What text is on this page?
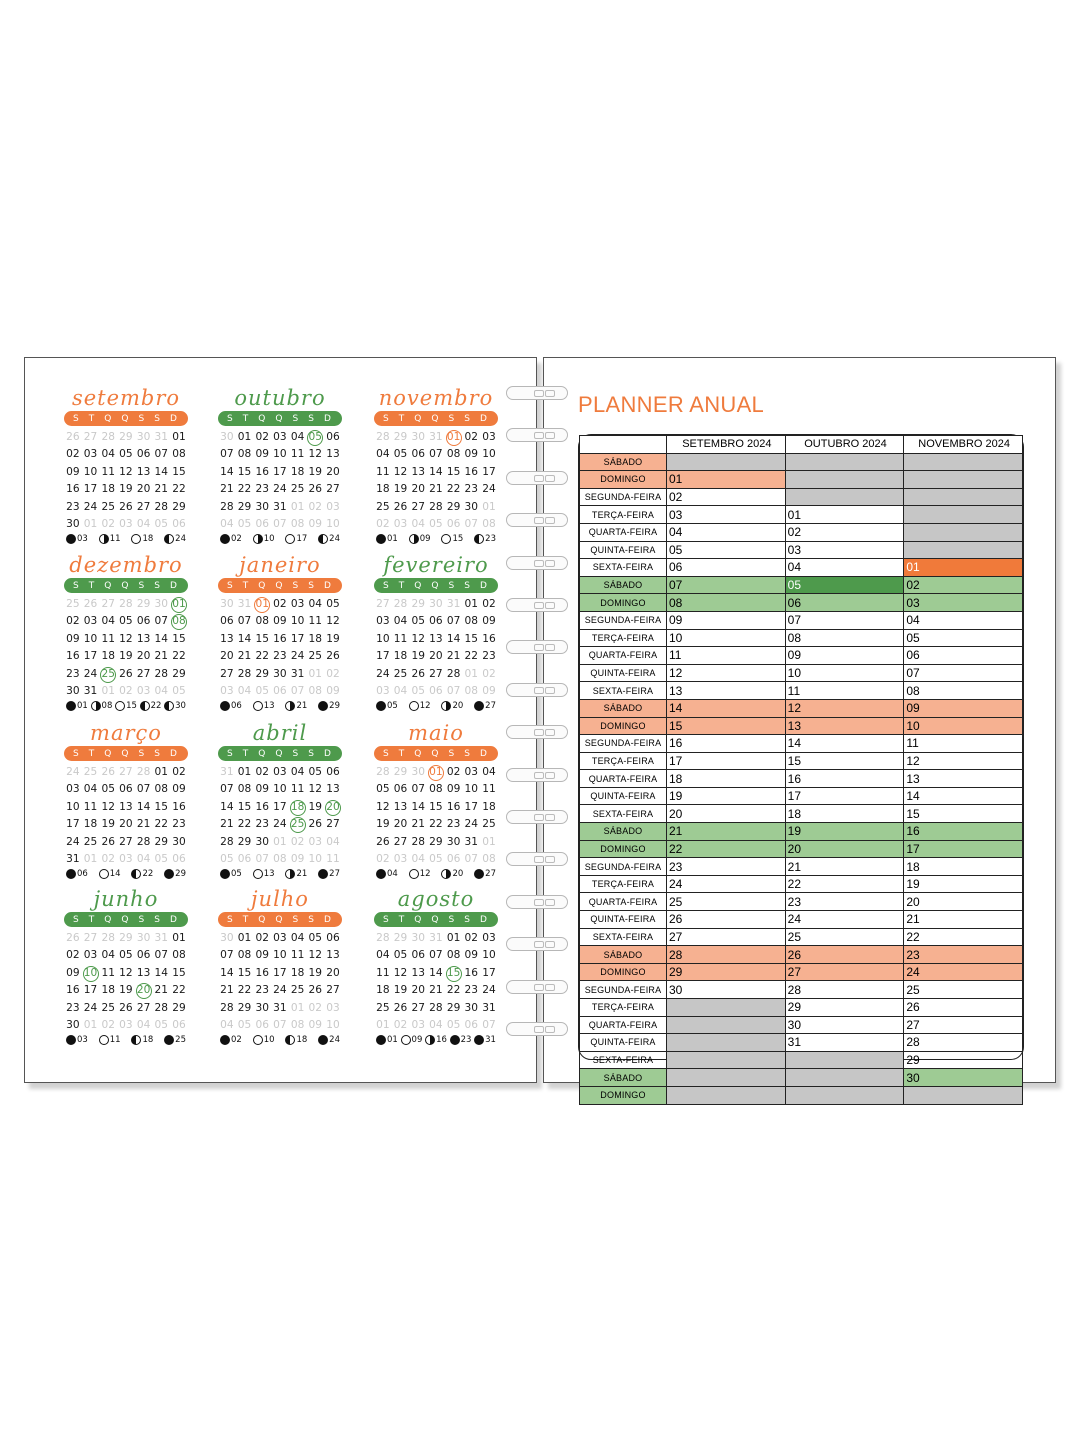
setembro
S T Q Q S S D
26 27 28 29 30 31 01
02 03 04 05 06 07 08
09 10 11 12 13 14 15
16 17 18 19 20 21 22
23 24 25 26 27 28 29
30 01 02 03 04 05 06
03	11	18	24
outubro
S T Q Q S S D
30 01 02 03 04 05 06
07 08 09 10 11 12 13
14 15 16 17 18 19 20
21 22 23 24 25 26 27
28 29 30 31 01 02 03
04 05 06 07 08 09 10
02	10	17	24
novembro
S T Q Q S S D
28 29 30 31 01 02 03
04 05 06 07 08 09 10
11 12 13 14 15 16 17
18 19 20 21 22 23 24
25 26 27 28 29 30 01
02 03 04 05 06 07 08
01	09	15	23
dezembro
S T Q Q S S D
25 26 27 28 29 30 01
02 03 04 05 06 07 08
09 10 11 12 13 14 15
16 17 18 19 20 21 22
23 24 25 26 27 28 29
30 31 01 02 03 04 05
01 08 15 22 30
janeiro
S T Q Q S S D
30 31 01 02 03 04 05
06 07 08 09 10 11 12
13 14 15 16 17 18 19
20 21 22 23 24 25 26
27 28 29 30 31 01 02
03 04 05 06 07 08 09
06	13	21	29
fevereiro
S T Q Q S S D
27 28 29 30 31 01 02
03 04 05 06 07 08 09
10 11 12 13 14 15 16
17 18 19 20 21 22 23
24 25 26 27 28 01 02
03 04 05 06 07 08 09
05	12	20	27
março
S T Q Q S S D
24 25 26 27 28 01 02
03 04 05 06 07 08 09
10 11 12 13 14 15 16
17 18 19 20 21 22 23
24 25 26 27 28 29 30
31 01 02 03 04 05 06
06	14	22	29
abril
S T Q Q S S D
31 01 02 03 04 05 06
07 08 09 10 11 12 13
14 15 16 17 18 19 20
21 22 23 24 25 26 27
28 29 30 01 02 03 04
05 06 07 08 09 10 11
05	13	21	27
maio
S T Q Q S S D
28 29 30 01 02 03 04
05 06 07 08 09 10 11
12 13 14 15 16 17 18
19 20 21 22 23 24 25
26 27 28 29 30 31 01
02 03 04 05 06 07 08
04	12	20	27
junho
S T Q Q S S D
26 27 28 29 30 31 01
02 03 04 05 06 07 08
09 10 11 12 13 14 15
16 17 18 19 20 21 22
23 24 25 26 27 28 29
30 01 02 03 04 05 06
03	11	18	25
julho
S T Q Q S S D
30 01 02 03 04 05 06
07 08 09 10 11 12 13
14 15 16 17 18 19 20
21 22 23 24 25 26 27
28 29 30 31 01 02 03
04 05 06 07 08 09 10
02	10	18	24
agosto
S T Q Q S S D
28 29 30 31 01 02 03
04 05 06 07 08 09 10
11 12 13 14 15 16 17
18 19 20 21 22 23 24
25 26 27 28 29 30 31
01 02 03 04 05 06 07
01 09 16 23 31
PLANNER ANUAL
	SETEMBRO 2024	OUTUBRO 2024	NOVEMBRO 2024
SÁBADO			
DOMINGO	01		
SEGUNDA-FEIRA	02		
TERÇA-FEIRA	03	01	
QUARTA-FEIRA	04	02	
QUINTA-FEIRA	05	03	
SEXTA-FEIRA	06	04	01
SÁBADO	07	05	02
DOMINGO	08	06	03
SEGUNDA-FEIRA	09	07	04
TERÇA-FEIRA	10	08	05
QUARTA-FEIRA	11	09	06
QUINTA-FEIRA	12	10	07
SEXTA-FEIRA	13	11	08
SÁBADO	14	12	09
DOMINGO	15	13	10
SEGUNDA-FEIRA	16	14	11
TERÇA-FEIRA	17	15	12
QUARTA-FEIRA	18	16	13
QUINTA-FEIRA	19	17	14
SEXTA-FEIRA	20	18	15
SÁBADO	21	19	16
DOMINGO	22	20	17
SEGUNDA-FEIRA	23	21	18
TERÇA-FEIRA	24	22	19
QUARTA-FEIRA	25	23	20
QUINTA-FEIRA	26	24	21
SEXTA-FEIRA	27	25	22
SÁBADO	28	26	23
DOMINGO	29	27	24
SEGUNDA-FEIRA	30	28	25
TERÇA-FEIRA		29	26
QUARTA-FEIRA		30	27
QUINTA-FEIRA		31	28
SEXTA-FEIRA			29
SÁBADO			30
DOMINGO			
